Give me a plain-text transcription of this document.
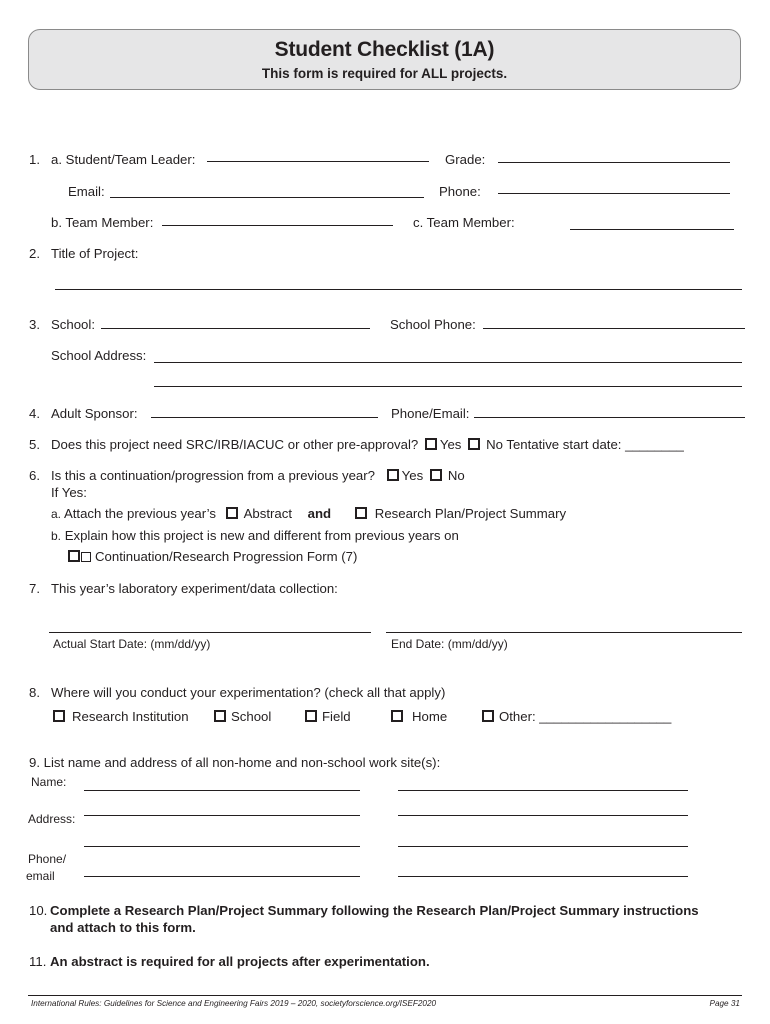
Student Checklist (1A)
This form is required for ALL projects.
1. a. Student/Team Leader:	Grade:
Email:	Phone:
b. Team Member:	c. Team Member:
2. Title of Project:
3. School:	School Phone:
School Address:
4. Adult Sponsor:	Phone/Email:
5. Does this project need SRC/IRB/IACUC or other pre-approval? Yes No Tentative start date: ________
6. Is this a continuation/progression from a previous year? Yes No
If Yes:
a. Attach the previous year’s Abstract and	Research Plan/Project Summary
b. Explain how this project is new and different from previous years on
Continuation/Research Progression Form (7)
7. This year’s laboratory experiment/data collection:
Actual Start Date: (mm/dd/yy)	End Date: (mm/dd/yy)
8. Where will you conduct your experimentation? (check all that apply)
Research Institution	School	Field	Home	Other: __________________
9. List name and address of all non-home and non-school work site(s):
Name:
Address:
Phone/
email
10. Complete a Research Plan/Project Summary following the Research Plan/Project Summary instructions
and attach to this form.
11. An abstract is required for all projects after experimentation.
International Rules: Guidelines for Science and Engineering Fairs 2019 – 2020, societyforscience.org/ISEF2020	Page 31
